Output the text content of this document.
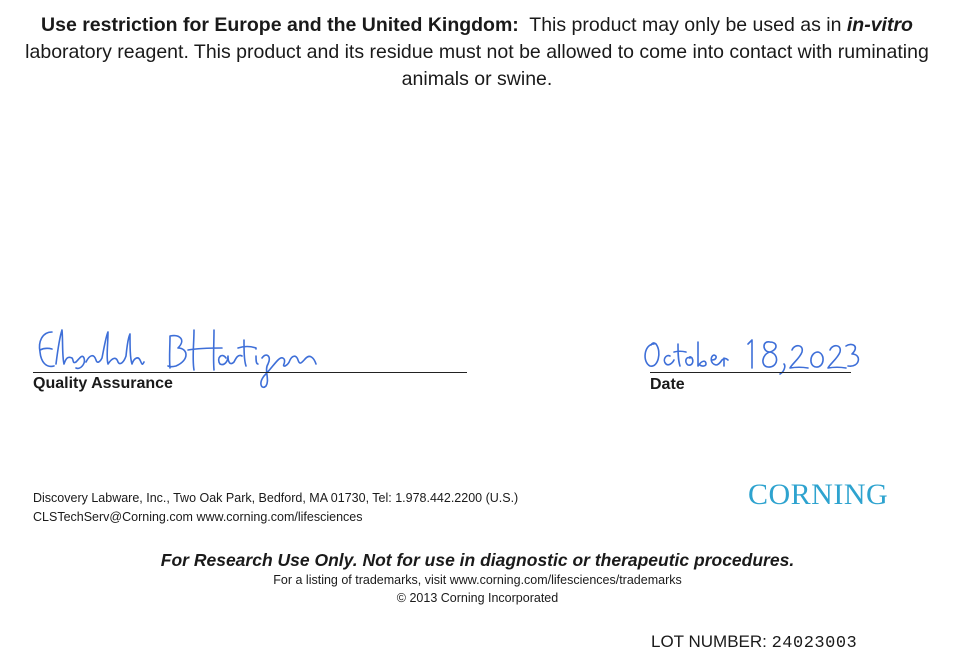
Use restriction for Europe and the United Kingdom: This product may only be used as in in-vitro laboratory reagent. This product and its residue must not be allowed to come into contact with ruminating animals or swine.

Quality Assurance	Date

Discovery Labware, Inc., Two Oak Park, Bedford, MA 01730, Tel: 1.978.442.2200 (U.S.)
CLSTechServ@Corning.com www.corning.com/lifesciences

CORNING

For Research Use Only. Not for use in diagnostic or therapeutic procedures.

For a listing of trademarks, visit www.corning.com/lifesciences/trademarks

© 2013 Corning Incorporated

LOT NUMBER: 24023003
